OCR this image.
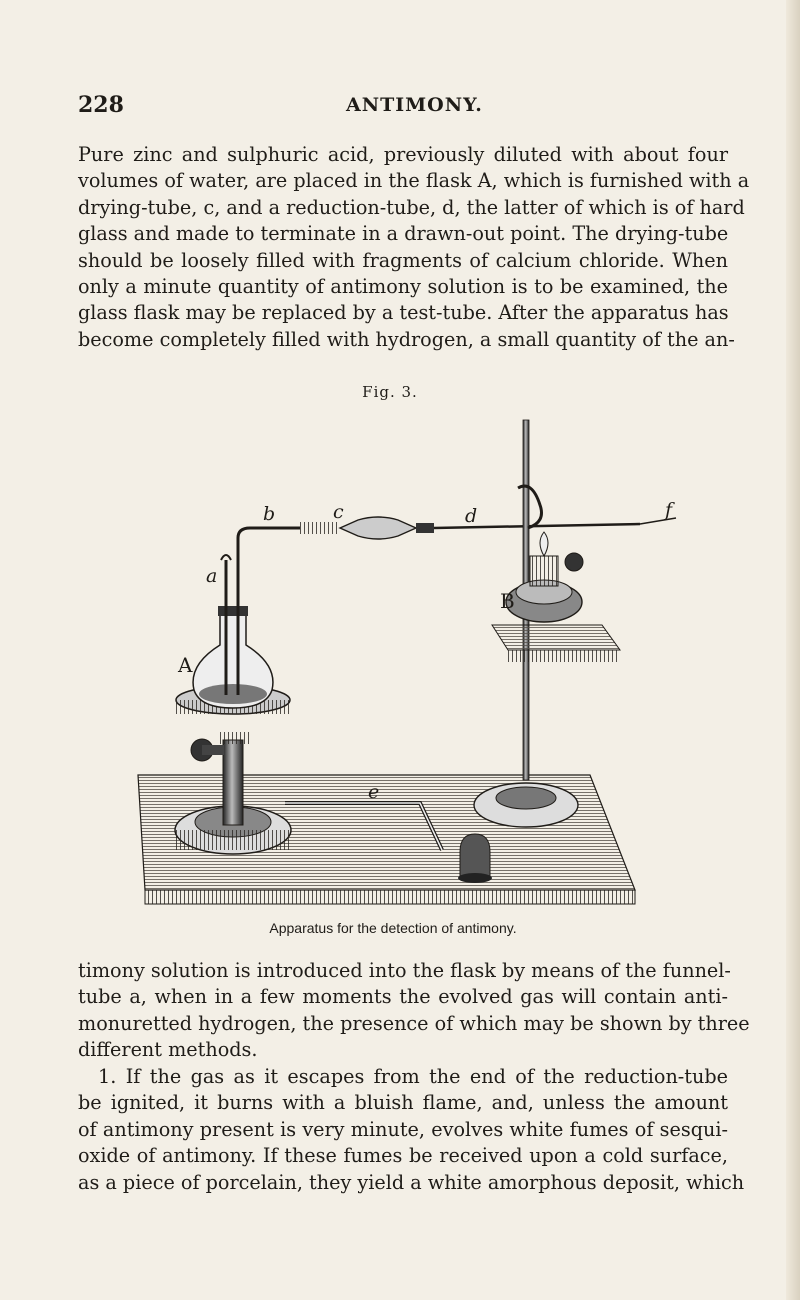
228	ANTIMONY.

Pure zinc and sulphuric acid, previously diluted with about four
volumes of water, are placed in the flask A, which is furnished with a
drying-tube, c, and a reduction-tube, d, the latter of which is of hard
glass and made to terminate in a drawn-out point. The drying-tube
should be loosely filled with fragments of calcium chloride. When
only a minute quantity of antimony solution is to be examined, the
glass flask may be replaced by a test-tube. After the apparatus has
become completely filled with hydrogen, a small quantity of the an-

Fig. 3.
b	c	d	f
a
A
B
e
Apparatus for the detection of antimony.

timony solution is introduced into the flask by means of the funnel-
tube a, when in a few moments the evolved gas will contain anti-
monuretted hydrogen, the presence of which may be shown by three
different methods.

1. If the gas as it escapes from the end of the reduction-tube
be ignited, it burns with a bluish flame, and, unless the amount
of antimony present is very minute, evolves white fumes of sesqui-
oxide of antimony. If these fumes be received upon a cold surface,
as a piece of porcelain, they yield a white amorphous deposit, which
